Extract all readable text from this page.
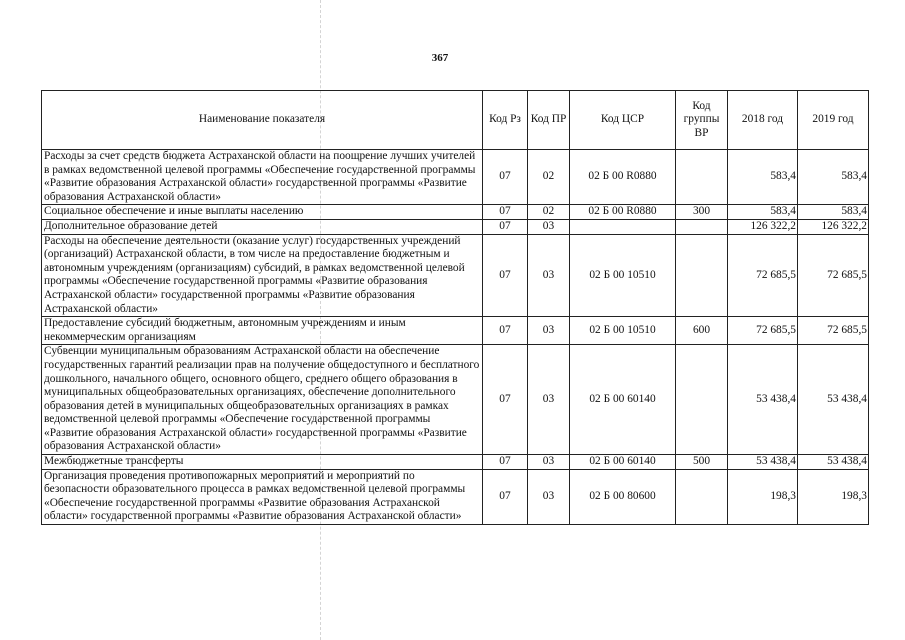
367
Наименование показателя	Код Рз	Код ПР	Код ЦСР	Код группы ВР	2018 год	2019 год
Расходы за счет средств бюджета Астраханской области на поощрение лучших учителей в рамках ведомственной целевой программы «Обеспечение государственной программы «Развитие образования Астраханской области» государственной программы «Развитие образования Астраханской области»	07	02	02 Б 00 R0880		583,4	583,4
Социальное обеспечение и иные выплаты населению	07	02	02 Б 00 R0880	300	583,4	583,4
Дополнительное образование детей	07	03			126 322,2	126 322,2
Расходы на обеспечение деятельности (оказание услуг) государственных учреждений (организаций) Астраханской области, в том числе на предоставление бюджетным и автономным учреждениям (организациям) субсидий, в рамках ведомственной целевой программы «Обеспечение государственной программы «Развитие образования Астраханской области» государственной программы «Развитие образования Астраханской области»	07	03	02 Б 00 10510		72 685,5	72 685,5
Предоставление субсидий бюджетным, автономным учреждениям и иным некоммерческим организациям	07	03	02 Б 00 10510	600	72 685,5	72 685,5
Субвенции муниципальным образованиям Астраханской области на обеспечение государственных гарантий реализации прав на получение общедоступного и бесплатного дошкольного, начального общего, основного общего, среднего общего образования в муниципальных общеобразовательных организациях, обеспечение дополнительного образования детей в муниципальных общеобразовательных организациях в рамках ведомственной целевой программы «Обеспечение государственной программы «Развитие образования Астраханской области» государственной программы «Развитие образования Астраханской области»	07	03	02 Б 00 60140		53 438,4	53 438,4
Межбюджетные трансферты	07	03	02 Б 00 60140	500	53 438,4	53 438,4
Организация проведения противопожарных мероприятий и мероприятий по безопасности образовательного процесса в рамках ведомственной целевой программы «Обеспечение государственной программы «Развитие образования Астраханской области» государственной программы «Развитие образования Астраханской области»	07	03	02 Б 00 80600		198,3	198,3
